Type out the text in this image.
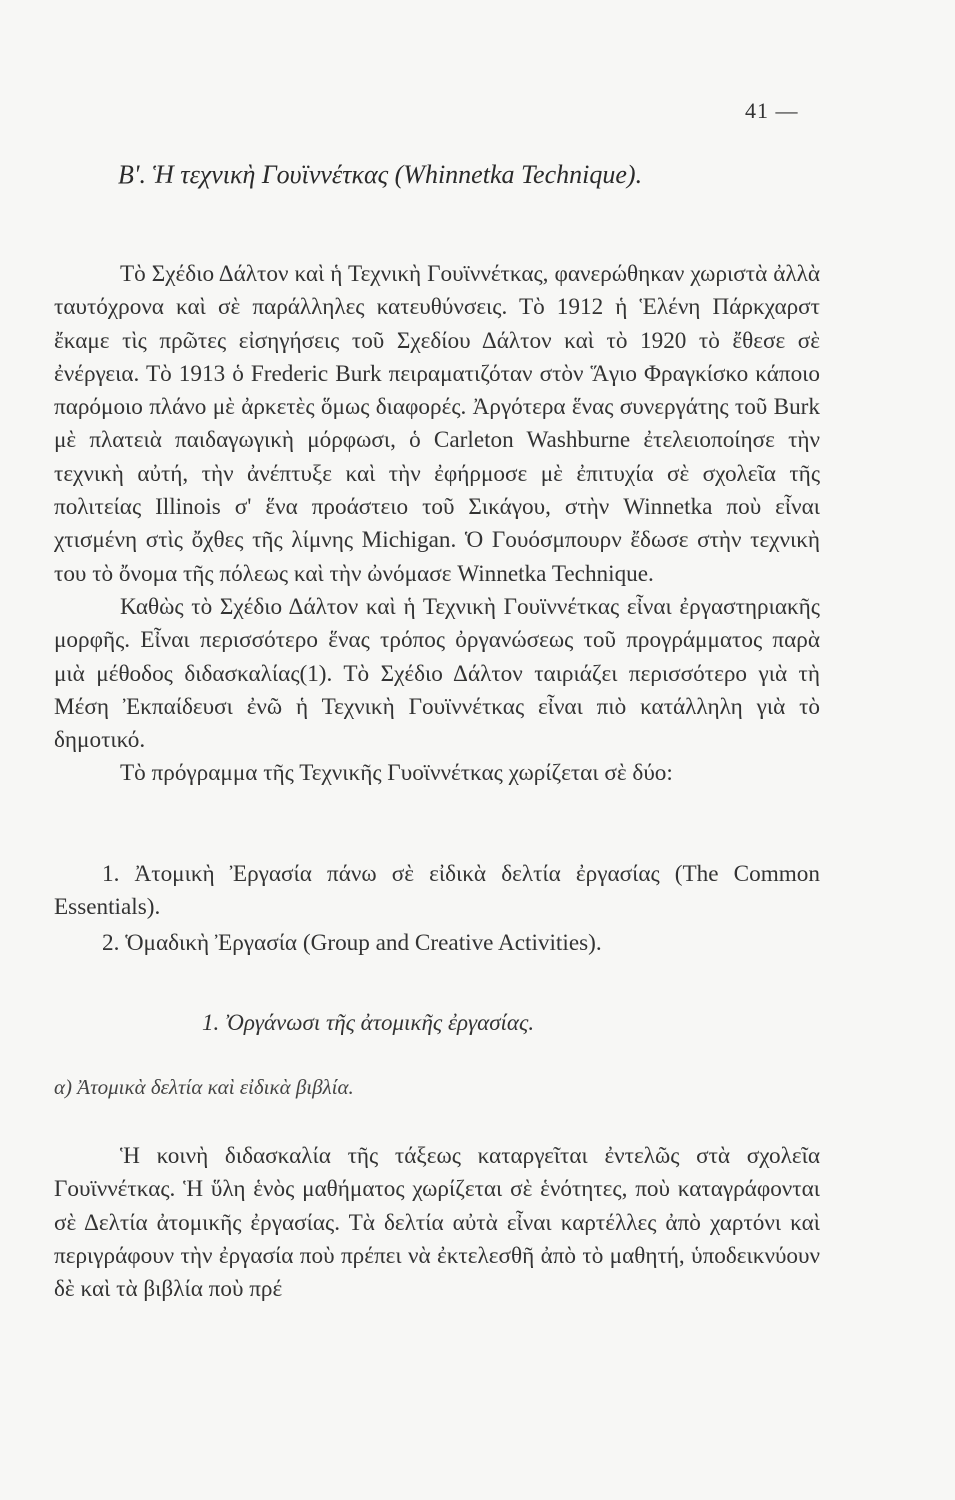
41 —
Β'. Ἡ τεχνικὴ Γουϊννέτκας (Whinnetka Technique).

Τὸ Σχέδιο Δάλτον καὶ ἡ Τεχνικὴ Γουϊννέτκας, φανερώθηκαν χωριστὰ ἀλλὰ ταυτόχρονα καὶ σὲ παράλληλες κατευθύνσεις. Τὸ 1912 ἡ Ἑλένη Πάρκχαρστ ἔκαμε τὶς πρῶτες εἰσηγήσεις τοῦ Σχεδίου Δάλτον καὶ τὸ 1920 τὸ ἔθεσε σὲ ἐνέργεια. Τὸ 1913 ὁ Frederic Burk πειραματιζόταν στὸν Ἅγιο Φραγκίσκο κάποιο παρόμοιο πλάνο μὲ ἀρκετὲς ὅμως διαφορές. Ἀργότερα ἕνας συνεργάτης τοῦ Burk μὲ πλατειὰ παιδαγωγικὴ μόρφωσι, ὁ Carleton Washburne ἐτελειοποίησε τὴν τεχνικὴ αὐτή, τὴν ἀνέπτυξε καὶ τὴν ἐφήρμοσε μὲ ἐπιτυχία σὲ σχολεῖα τῆς πολιτείας Illinois σ' ἕνα προάστειο τοῦ Σικάγου, στὴν Winnetka ποὺ εἶναι χτισμένη στὶς ὄχθες τῆς λίμνης Michigan. Ὁ Γουόσμπουρν ἔδωσε στὴν τεχνικὴ του τὸ ὄνομα τῆς πόλεως καὶ τὴν ὠνόμασε Winnetka Technique.

Καθὼς τὸ Σχέδιο Δάλτον καὶ ἡ Τεχνικὴ Γουϊννέτκας εἶναι ἐργαστηριακῆς μορφῆς. Εἶναι περισσότερο ἕνας τρόπος ὀργανώσεως τοῦ προγράμματος παρὰ μιὰ μέθοδος διδασκαλίας(1). Τὸ Σχέδιο Δάλτον ταιριάζει περισσότερο γιὰ τὴ Μέση Ἐκπαίδευσι ἐνῶ ἡ Τεχνικὴ Γουϊννέτκας εἶναι πιὸ κατάλληλη γιὰ τὸ δημοτικό.

Τὸ πρόγραμμα τῆς Τεχνικῆς Γυοϊννέτκας χωρίζεται σὲ δύο:

1. Ἀτομικὴ Ἐργασία πάνω σὲ εἰδικὰ δελτία ἐργασίας (The Common Essentials).

2. Ὁμαδικὴ Ἐργασία (Group and Creative Activities).

1. Ὀργάνωσι τῆς ἀτομικῆς ἐργασίας.
α) Ἀτομικὰ δελτία καὶ εἰδικὰ βιβλία.

Ἡ κοινὴ διδασκαλία τῆς τάξεως καταργεῖται ἐντελῶς στὰ σχολεῖα Γουϊννέτκας. Ἡ ὕλη ἑνὸς μαθήματος χωρίζεται σὲ ἑνότητες, ποὺ καταγράφονται σὲ Δελτία ἀτομικῆς ἐργασίας. Τὰ δελτία αὐτὰ εἶναι καρτέλλες ἀπὸ χαρτόνι καὶ περιγράφουν τὴν ἐργασία ποὺ πρέπει νὰ ἐκτελεσθῆ ἀπὸ τὸ μαθητή, ὑποδεικνύουν δὲ καὶ τὰ βιβλία ποὺ πρέ
